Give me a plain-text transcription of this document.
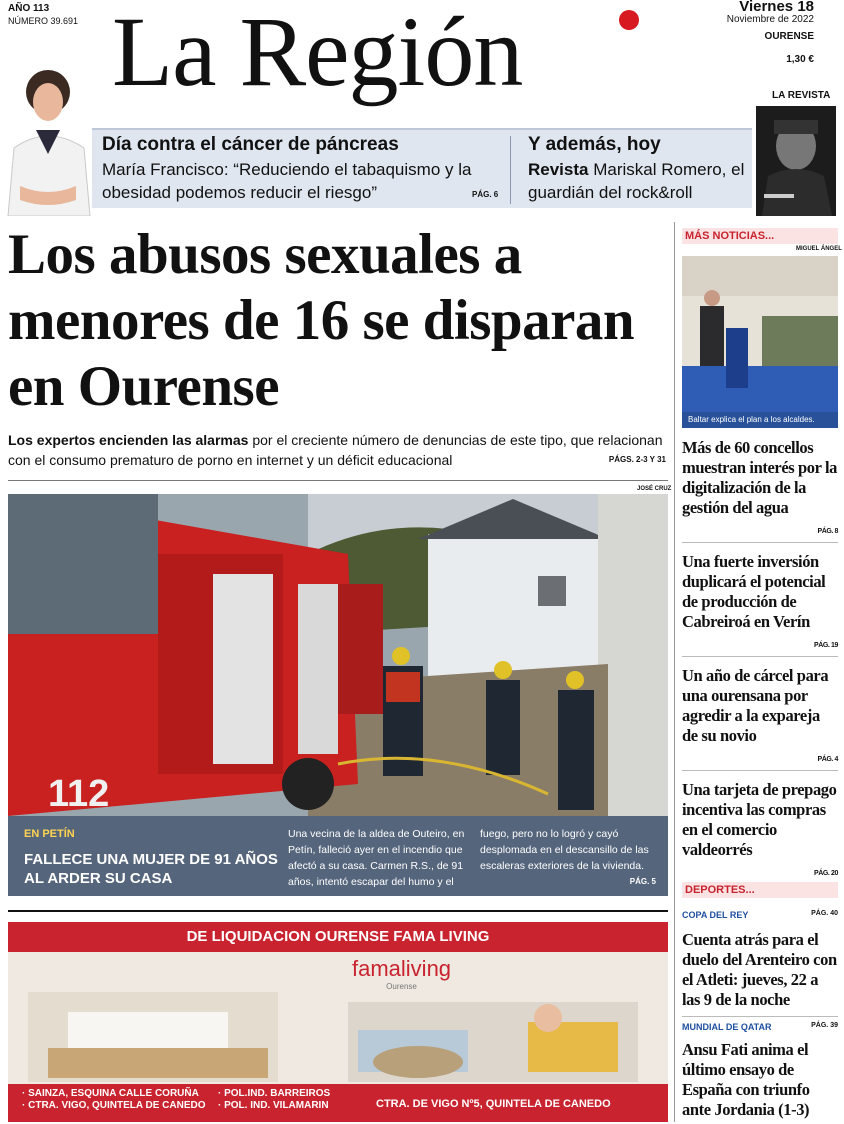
AÑO 113
NÚMERO 39.691 La Región	Viernes 18
Noviembre de 2022
OURENSE
1,30 €
Día contra el cáncer de páncreas
María Francisco: “Reduciendo el tabaquismo y la obesidad podemos reducir el riesgo”	PÁG. 6
Y además, hoy
Revista Mariskal Romero, el guardián del rock&roll
LA REVISTA
Los abusos sexuales a menores de 16 se disparan en Ourense

Los expertos encienden las alarmas por el creciente número de denuncias de este tipo, que relacionan con el consumo prematuro de porno en internet y un déficit educacional	PÁGS. 2-3 Y 31

JOSÉ CRUZ
112
EN PETÍN
FALLECE UNA MUJER DE 91 AÑOS AL ARDER SU CASA
Una vecina de la aldea de Outeiro, en Petín, falleció ayer en el incendio que afectó a su casa. Carmen R.S., de 91 años, intentó escapar del humo y el fuego, pero no lo logró y cayó desplomada en el descansillo de las escaleras exteriores de la vivienda.
PÁG. 5
DE LIQUIDACION OURENSE FAMA LIVING
famaliving
Ourense
· SAINZA, ESQUINA CALLE CORUÑA
· CTRA. VIGO, QUINTELA DE CANEDO
· POL.IND. BARREIROS
· POL. IND. VILAMARIN	CTRA. DE VIGO Nº5, QUINTELA DE CANEDO
MÁS NOTICIAS...
MIGUEL ÁNGEL
Baltar explica el plan a los alcaldes.
Más de 60 concellos muestran interés por la digitalización de la gestión del agua
PÁG. 8
Una fuerte inversión duplicará el potencial de producción de Cabreiroá en Verín
PÁG. 19
Un año de cárcel para una ourensana por agredir a la expareja de su novio
PÁG. 4
Una tarjeta de prepago incentiva las compras en el comercio valdeorrés
PÁG. 20
DEPORTES...
COPA DEL REY	PÁG. 40
Cuenta atrás para el duelo del Arenteiro con el Atleti: jueves, 22 a las 9 de la noche
MUNDIAL DE QATAR	PÁG. 39
Ansu Fati anima el último ensayo de España con triunfo ante Jordania (1-3)
